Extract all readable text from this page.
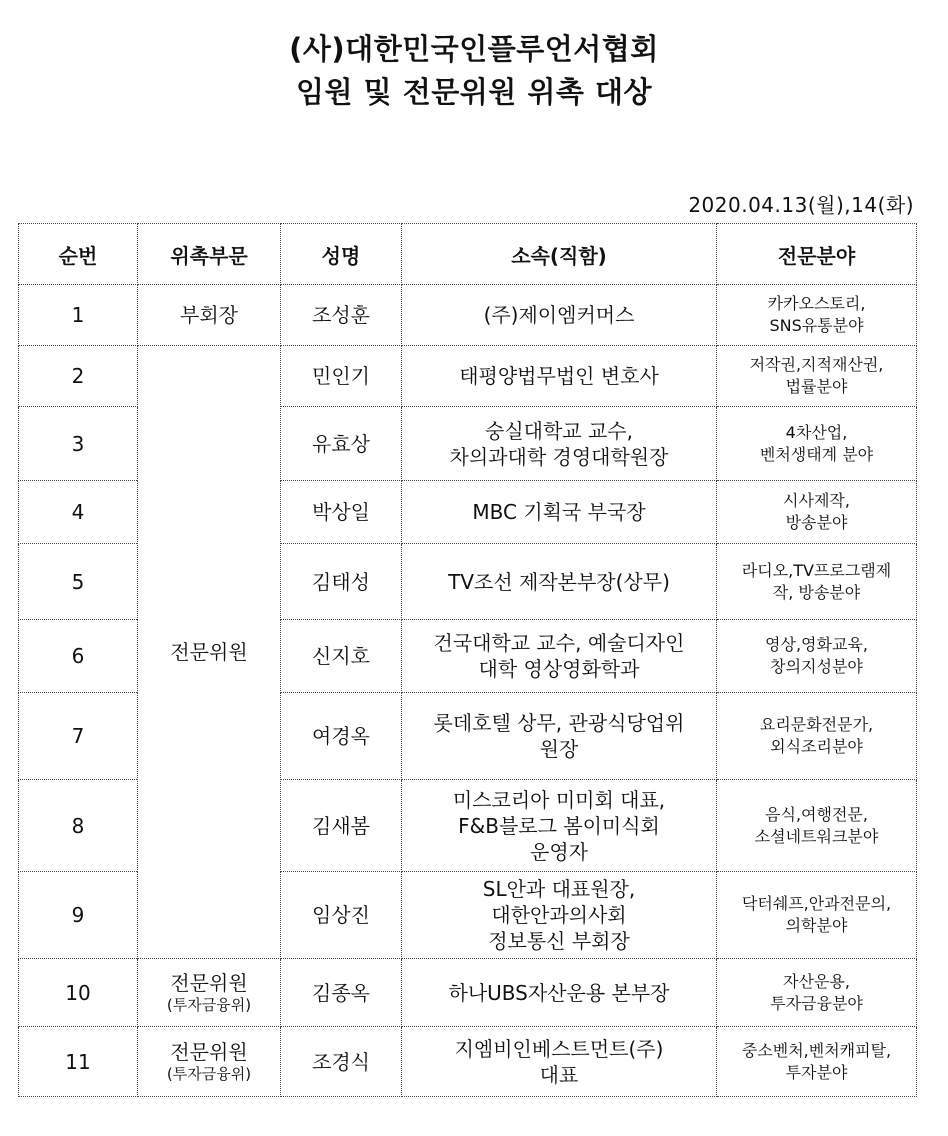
(사)대한민국인플루언서협회
임원 및 전문위원 위촉 대상
2020.04.13(월),14(화)
순번	위촉부문	성명	소속(직함)	전문분야
1	부회장	조성훈	(주)제이엠커머스	카카오스토리,
SNS유통분야

2	전문위원	민인기	태평양법무법인 변호사	저작권,지적재산권,
법률분야

3		유효상	숭실대학교 교수,
차의과대학 경영대학원장	4차산업,
벤처생태계 분야

4		박상일	MBC 기획국 부국장	시사제작,
방송분야

5		김태성	TV조선 제작본부장(상무)	라디오,TV프로그램제
작, 방송분야

6		신지호	건국대학교 교수, 예술디자인
대학 영상영화학과	영상,영화교육,
창의지성분야

7		여경옥	롯데호텔 상무, 관광식당업위
원장	요리문화전문가,
외식조리분야

8		김새봄	미스코리아 미미회 대표,
F&B블로그 봄이미식회
운영자	음식,여행전문,
소셜네트워크분야

9		임상진	SL안과 대표원장,
대한안과의사회
정보통신 부회장	닥터쉐프,안과전문의,
의학분야

10	전문위원
(투자금융위)	김종옥	하나UBS자산운용 본부장	자산운용,
투자금융분야

11	전문위원
(투자금융위)	조경식	지엠비인베스트먼트(주)
대표	중소벤처,벤처캐피탈,
투자분야
